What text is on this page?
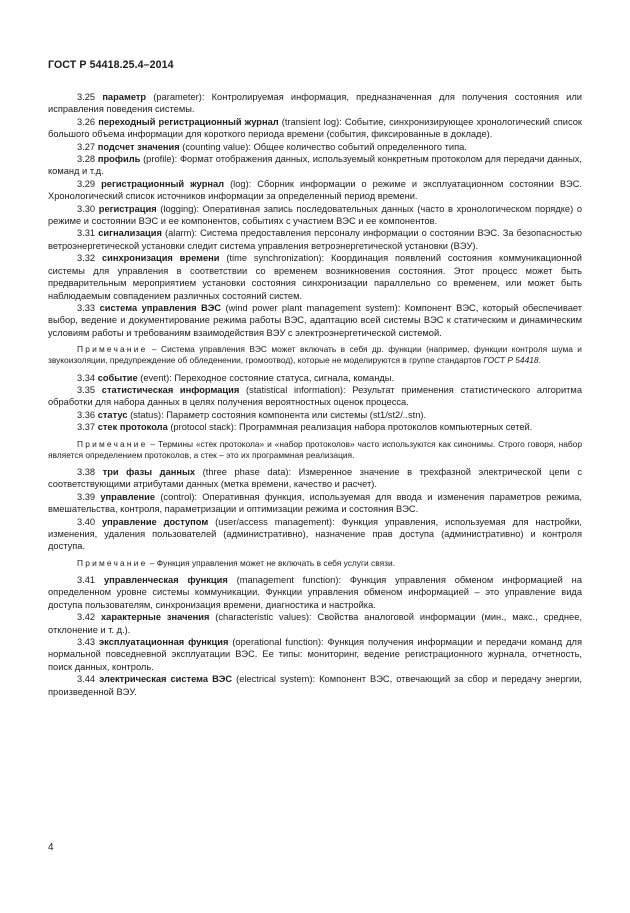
ГОСТ Р 54418.25.4–2014

3.25 параметр (parameter): Контролируемая информация, предназначенная для получения состояния или исправления поведения системы.

3.26 переходный регистрационный журнал (transient log): Событие, синхронизирующее хронологический список большого объема информации для короткого периода времени (события, фиксированные в докладе).

3.27 подсчет значения (counting value): Общее количество событий определенного типа.

3.28 профиль (profile): Формат отображения данных, используемый конкретным протоколом для передачи данных, команд и т.д.

3.29 регистрационный журнал (log): Сборник информации о режиме и эксплуатационном состоянии ВЭС. Хронологический список источников информации за определенный период времени.

3.30 регистрация (logging): Оперативная запись последовательных данных (часто в хронологическом порядке) о режиме и состоянии ВЭС и ее компонентов, событиях с участием ВЭС и ее компонентов.

3.31 сигнализация (alarm): Система предоставления персоналу информации о состоянии ВЭС. За безопасностью ветроэнергетической установки следит система управления ветроэнергетической установки (ВЭУ).

3.32 синхронизация времени (time synchronization): Координация появлений состояния коммуникационной системы для управления в соответствии со временем возникновения состояния. Этот процесс может быть предварительным мероприятием установки состояния синхронизации параллельно со временем, или может быть наблюдаемым совпадением различных состояний систем.

3.33 система управления ВЭС (wind power plant management system): Компонент ВЭС, который обеспечивает выбор, ведение и документирование режима работы ВЭС, адаптацию всей системы ВЭС к статическим и динамическим условиям работы и требованиям взаимодействия ВЭУ с электроэнергетической системой.

Примечание – Система управления ВЭС может включать в себя др. функции (например, функции контроля шума и звукоизоляции, предупреждение об обледенении, громоотвод), которые не моделируются в группе стандартов ГОСТ Р 54418.

3.34 событие (event): Переходное состояние статуса, сигнала, команды.

3.35 статистическая информация (statistical information): Результат применения статистического алгоритма обработки для набора данных в целях получения вероятностных оценок процесса.

3.36 статус (status): Параметр состояния компонента или системы (st1/st2/..stn).

3.37 стек протокола (protocol stack): Программная реализация набора протоколов компьютерных сетей.

Примечание – Термины «стек протокола» и «набор протоколов» часто используются как синонимы. Строго говоря, набор является определением протоколов, а стек – это их программная реализация.

3.38 три фазы данных (three phase data): Измеренное значение в трехфазной электрической цепи с соответствующими атрибутами данных (метка времени, качество и расчет).

3.39 управление (control): Оперативная функция, используемая для ввода и изменения параметров режима, вмешательства, контроля, параметризации и оптимизации режима и состояния ВЭС.

3.40 управление доступом (user/access management): Функция управления, используемая для настройки, изменения, удаления пользователей (административно), назначение прав доступа (административно) и контроля доступа.

Примечание – Функция управления может не включать в себя услуги связи.

3.41 управленческая функция (management function): Функция управления обменом информацией на определенном уровне системы коммуникации. Функции управления обменом информацией – это управление вида доступа пользователям, синхронизация времени, диагностика и настройка.

3.42 характерные значения (characteristic values): Свойства аналоговой информации (мин., макс., среднее, отклонение и т. д.).

3.43 эксплуатационная функция (operational function): Функция получения информации и передачи команд для нормальной повседневной эксплуатации ВЭС. Ее типы: мониторинг, ведение регистрационного журнала, отчетность, поиск данных, контроль.

3.44 электрическая система ВЭС (electrical system): Компонент ВЭС, отвечающий за сбор и передачу энергии, произведенной ВЭУ.

4
